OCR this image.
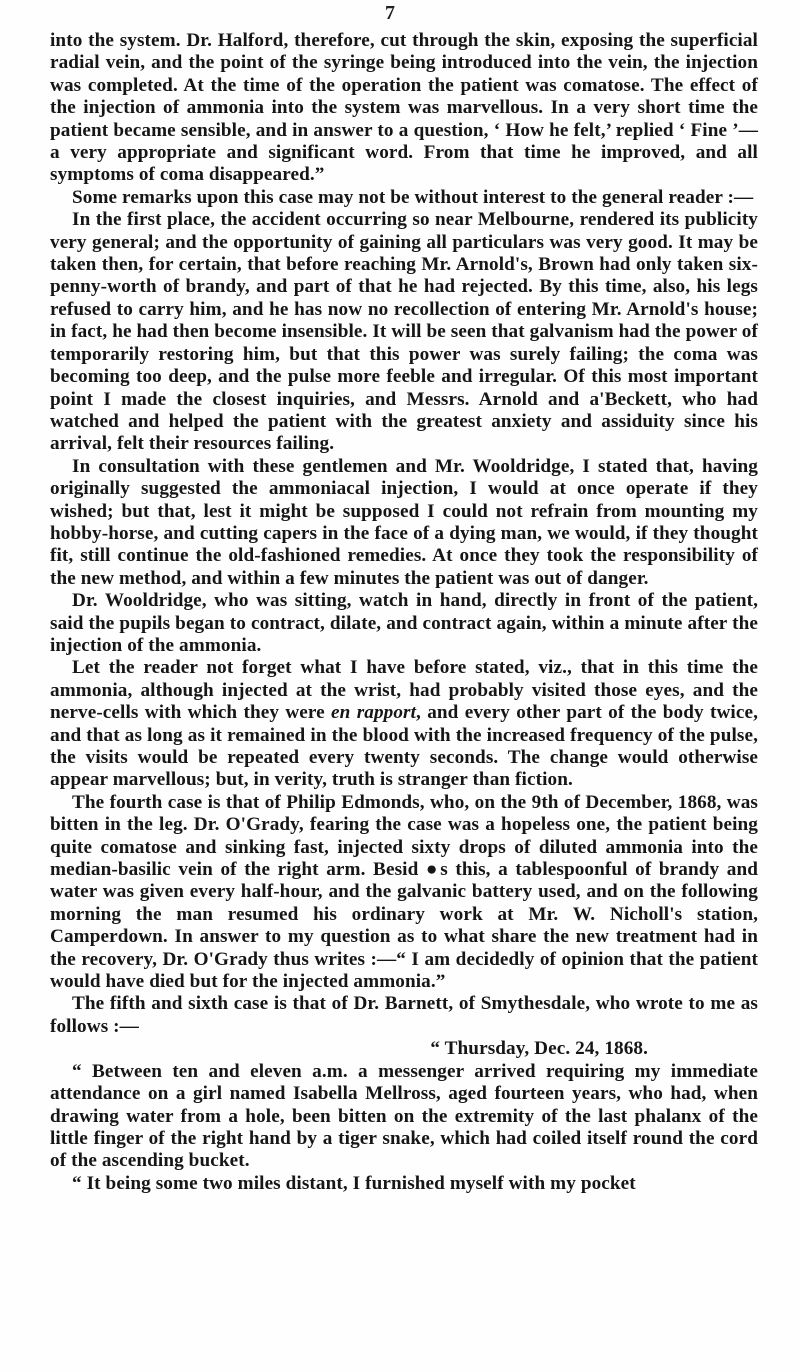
7

into the system. Dr. Halford, therefore, cut through the skin, exposing the superficial radial vein, and the point of the syringe being introduced into the vein, the injection was completed. At the time of the operation the patient was comatose. The effect of the injection of ammonia into the system was marvellous. In a very short time the patient became sensible, and in answer to a question, ‘ How he felt,’ replied ‘ Fine ’—a very appropriate and significant word. From that time he improved, and all symptoms of coma disappeared.”

Some remarks upon this case may not be without interest to the general reader :—

In the first place, the accident occurring so near Melbourne, rendered its publicity very general; and the opportunity of gaining all particulars was very good. It may be taken then, for certain, that before reaching Mr. Arnold's, Brown had only taken six-penny-worth of brandy, and part of that he had rejected. By this time, also, his legs refused to carry him, and he has now no recollection of entering Mr. Arnold's house; in fact, he had then become insensible. It will be seen that galvanism had the power of temporarily restoring him, but that this power was surely failing; the coma was becoming too deep, and the pulse more feeble and irregular. Of this most important point I made the closest inquiries, and Messrs. Arnold and a'Beckett, who had watched and helped the patient with the greatest anxiety and assiduity since his arrival, felt their resources failing.

In consultation with these gentlemen and Mr. Wooldridge, I stated that, having originally suggested the ammoniacal injection, I would at once operate if they wished; but that, lest it might be supposed I could not refrain from mounting my hobby-horse, and cutting capers in the face of a dying man, we would, if they thought fit, still continue the old-fashioned remedies. At once they took the responsibility of the new method, and within a few minutes the patient was out of danger.

Dr. Wooldridge, who was sitting, watch in hand, directly in front of the patient, said the pupils began to contract, dilate, and contract again, within a minute after the injection of the ammonia.

Let the reader not forget what I have before stated, viz., that in this time the ammonia, although injected at the wrist, had probably visited those eyes, and the nerve-cells with which they were en rapport, and every other part of the body twice, and that as long as it remained in the blood with the increased frequency of the pulse, the visits would be repeated every twenty seconds. The change would otherwise appear marvellous; but, in verity, truth is stranger than fiction.

The fourth case is that of Philip Edmonds, who, on the 9th of December, 1868, was bitten in the leg. Dr. O'Grady, fearing the case was a hopeless one, the patient being quite comatose and sinking fast, injected sixty drops of diluted ammonia into the median-basilic vein of the right arm. Besid ●s this, a tablespoonful of brandy and water was given every half-hour, and the galvanic battery used, and on the following morning the man resumed his ordinary work at Mr. W. Nicholl's station, Camperdown. In answer to my question as to what share the new treatment had in the recovery, Dr. O'Grady thus writes :—“ I am decidedly of opinion that the patient would have died but for the injected ammonia.”

The fifth and sixth case is that of Dr. Barnett, of Smythesdale, who wrote to me as follows :—

“ Thursday, Dec. 24, 1868.

“ Between ten and eleven a.m. a messenger arrived requiring my immediate attendance on a girl named Isabella Mellross, aged fourteen years, who had, when drawing water from a hole, been bitten on the extremity of the last phalanx of the little finger of the right hand by a tiger snake, which had coiled itself round the cord of the ascending bucket.

“ It being some two miles distant, I furnished myself with my pocket
